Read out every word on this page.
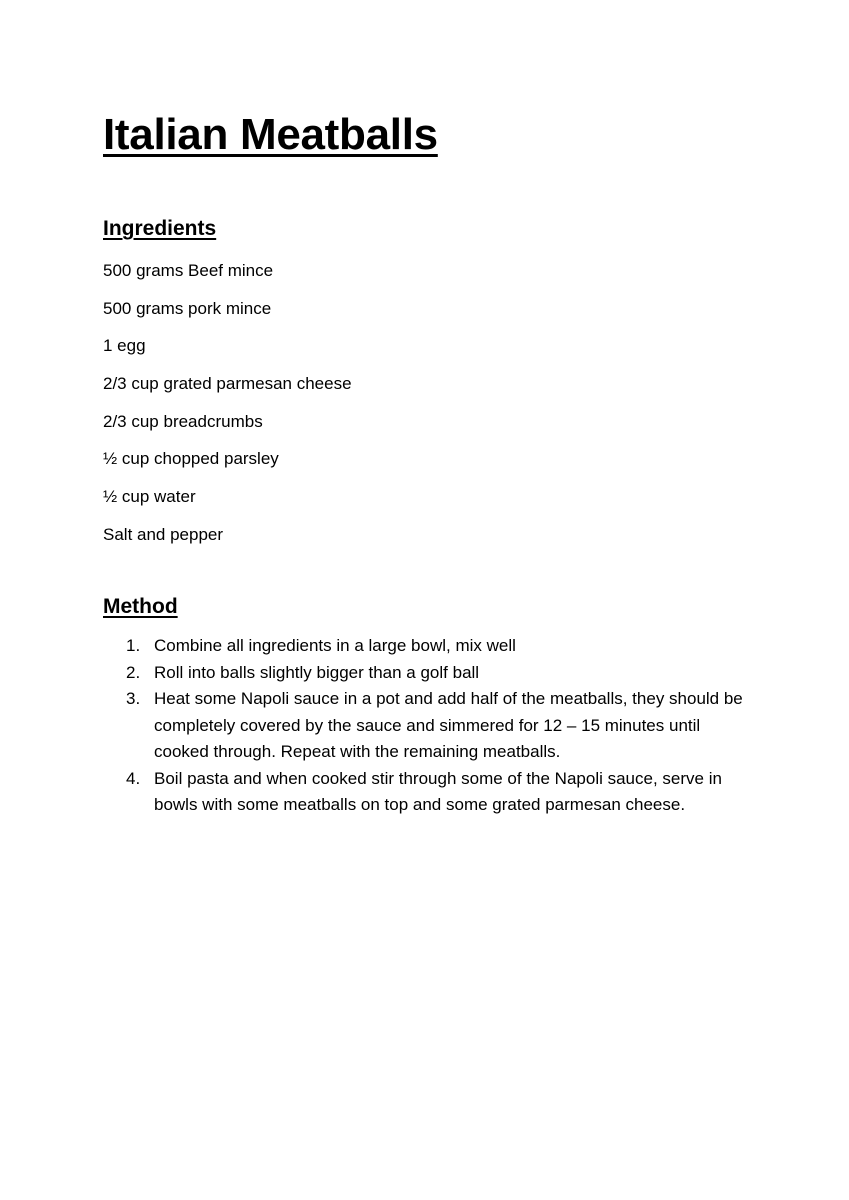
Italian Meatballs
Ingredients
500 grams Beef mince
500 grams pork mince
1 egg
2/3 cup grated parmesan cheese
2/3 cup breadcrumbs
½ cup chopped parsley
½ cup water
Salt and pepper
Method
1. Combine all ingredients in a large bowl, mix well
2. Roll into balls slightly bigger than a golf ball
3. Heat some Napoli sauce in a pot and add half of the meatballs, they should be completely covered by the sauce and simmered for 12 – 15 minutes until cooked through. Repeat with the remaining meatballs.
4. Boil pasta and when cooked stir through some of the Napoli sauce, serve in bowls with some meatballs on top and some grated parmesan cheese.
